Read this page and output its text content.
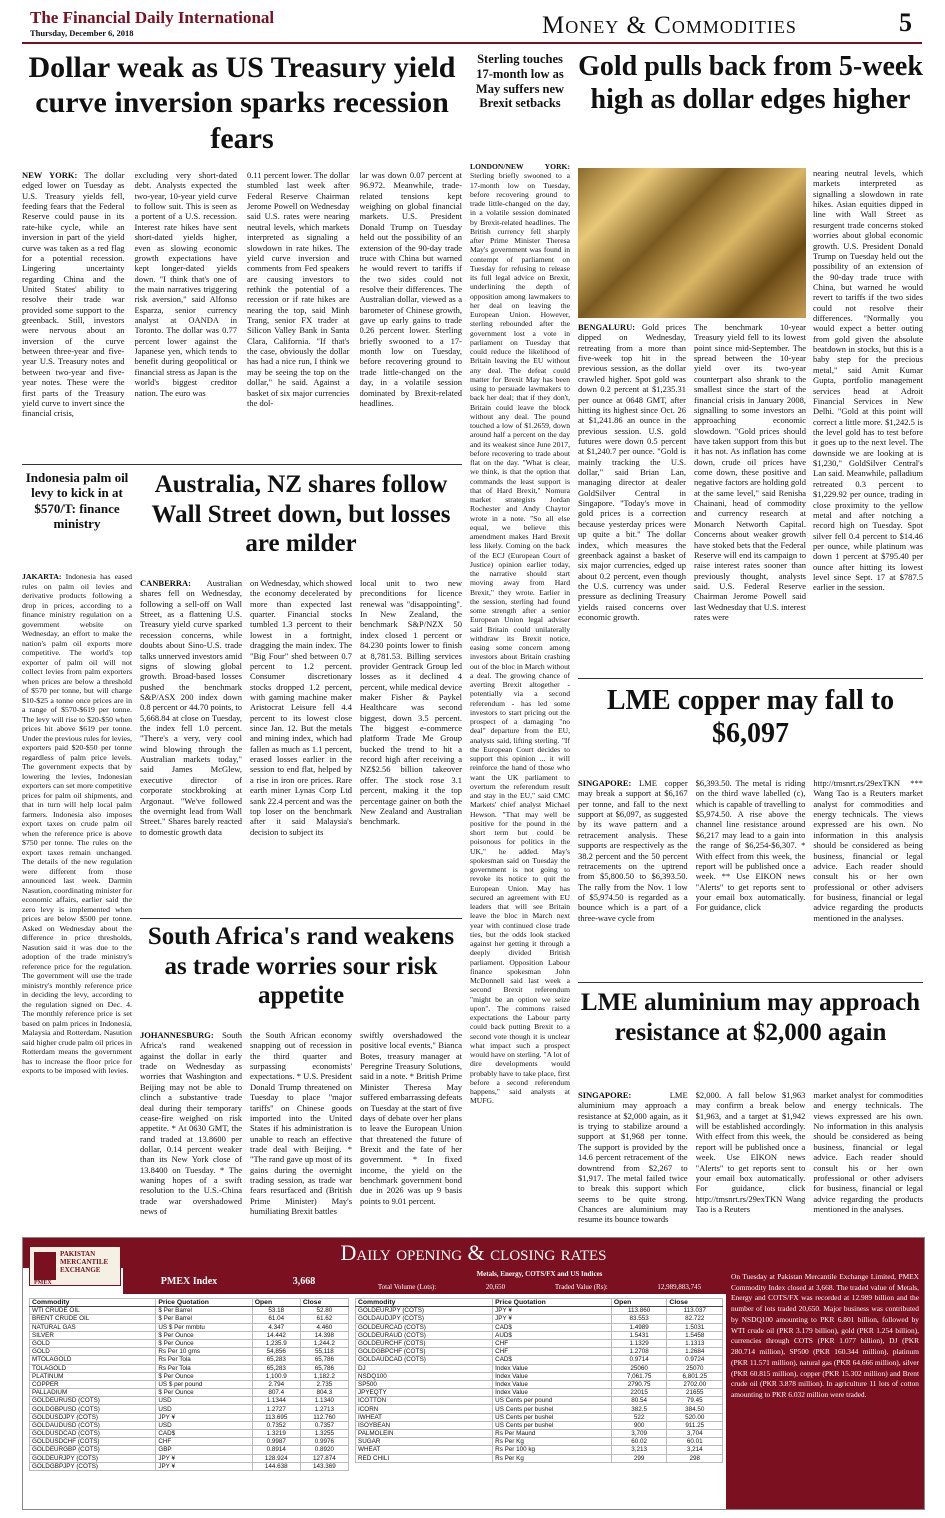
The Financial Daily International
Thursday, December 6, 2018	Money & Commodities	5
Dollar weak as US Treasury yield curve inversion sparks recession fears
NEW YORK: The dollar edged lower on Tuesday as U.S. Treasury yields fell, feeding fears that the Federal Reserve could pause in its rate-hike cycle, while an inversion in part of the yield curve was taken as a red flag for a potential recession. Lingering uncertainty regarding China and the United States' ability to resolve their trade war provided some support to the greenback. Still, investors were nervous about an inversion of the curve between three-year and five-year U.S. Treasury notes and between two-year and five-year notes. These were the first parts of the Treasury yield curve to invert since the financial crisis,
excluding very short-dated debt. Analysts expected the two-year, 10-year yield curve to follow suit. This is seen as a portent of a U.S. recession. Interest rate hikes have sent short-dated yields higher, even as slowing economic growth expectations have kept longer-dated yields down. "I think that's one of the main narratives triggering risk aversion," said Alfonso Esparza, senior currency analyst at OANDA in Toronto. The dollar was 0.77 percent lower against the Japanese yen, which tends to benefit during geopolitical or financial stress as Japan is the world's biggest creditor nation. The euro was
0.11 percent lower. The dollar stumbled last week after Federal Reserve Chairman Jerome Powell on Wednesday said U.S. rates were nearing neutral levels, which markets interpreted as signaling a slowdown in rate hikes. The yield curve inversion and comments from Fed speakers are causing investors to rethink the potential of a recession or if rate hikes are nearing the top, said Minh Trang, senior FX trader at Silicon Valley Bank in Santa Clara, California. "If that's the case, obviously the dollar has had a nice run, I think we may be seeing the top on the dollar," he said. Against a basket of six major currencies the dol-
lar was down 0.07 percent at 96.972. Meanwhile, trade-related tensions kept weighing on global financial markets. U.S. President Donald Trump on Tuesday held out the possibility of an extension of the 90-day trade truce with China but warned he would revert to tariffs if the two sides could not resolve their differences. The Australian dollar, viewed as a barometer of Chinese growth, gave up early gains to trade 0.26 percent lower. Sterling briefly swooned to a 17-month low on Tuesday, before recovering ground to trade little-changed on the day, in a volatile session dominated by Brexit-related headlines.
Sterling touches 17-month low as May suffers new Brexit setbacks
LONDON/NEW YORK: Sterling briefly swooned to a 17-month low on Tuesday, before recovering ground to trade little-changed on the day, in a volatile session dominated by Brexit-related headlines. The British currency fell sharply after Prime Minister Theresa May's government was found in contempt of parliament on Tuesday for refusing to release its full legal advice on Brexit, underlining the depth of opposition among lawmakers to her deal on leaving the European Union. However, sterling rebounded after the government lost a vote in parliament on Tuesday that could reduce the likelihood of Britain leaving the EU without any deal. The defeat could matter for Brexit May has been using to persuade lawmakers to back her deal; that if they don't, Britain could leave the block without any deal. The pound touched a low of $1.2659, down around half a percent on the day and its weakest since June 2017, before recovering to trade about flat on the day. "What is clear, we think, is that the option that commands the least support is that of Hard Brexit," Nomura market strategists Jordan Rochester and Andy Chaytor wrote in a note. "So all else equal, we believe this amendment makes Hard Brexit less likely. Coming on the back of the ECJ (European Court of Justice) opinion earlier today, the narrative should start moving away from Hard Brexit," they wrote. Earlier in the session, sterling had found some strength after a senior European Union legal adviser said Britain could unilaterally withdraw its Brexit notice, easing some concern among investors about Britain crashing out of the bloc in March without a deal. The growing chance of averting Brexit altogether - potentially via a second referendum - has led some investors to start pricing out the prospect of a damaging "no deal" departure from the EU, analysts said, lifting sterling. "If the European Court decides to support this opinion ... it will reinforce the hand of those who want the UK parliament to overturn the referendum result and stay in the EU," said CMC Markets' chief analyst Michael Hewson. "That may well be positive for the pound in the short term but could be poisonous for politics in the UK," he added. May's spokesman said on Tuesday the government is not going to revoke its notice to quit the European Union. May has secured an agreement with EU leaders that will see Britain leave the bloc in March next year with continued close trade ties, but the odds look stacked against her getting it through a deeply divided British parliament. Opposition Labour finance spokesman John McDonnell said last week a second Brexit referendum "might be an option we seize upon". The commons raised expectations the Labour party could back putting Brexit to a second vote though it is unclear what impact such a prospect would have on sterling. "A lot of dire developments would probably have to take place, first before a second referendum happens," said analysts at MUFG.
Gold pulls back from 5-week high as dollar edges higher
BENGALURU: Gold prices dipped on Wednesday, retreating from a more than five-week top hit in the previous session, as the dollar crawled higher. Spot gold was down 0.2 percent at $1,235.31 per ounce at 0648 GMT, after hitting its highest since Oct. 26 at $1,241.86 an ounce in the previous session. U.S. gold futures were down 0.5 percent at $1,240.7 per ounce. "Gold is mainly tracking the U.S. dollar," said Brian Lan, managing director at dealer GoldSilver Central in Singapore. "Today's move in gold prices is a correction because yesterday prices were up quite a bit." The dollar index, which measures the greenback against a basket of six major currencies, edged up about 0.2 percent, even though the U.S. currency was under pressure as declining Treasury yields raised concerns over economic growth.
The benchmark 10-year Treasury yield fell to its lowest point since mid-September. The spread between the 10-year yield over its two-year counterpart also shrank to the smallest since the start of the financial crisis in January 2008, signalling to some investors an approaching economic slowdown. "Gold prices should have taken support from this but it has not. As inflation has come down, crude oil prices have come down, these positive and negative factors are holding gold at the same level," said Renisha Chainani, head of commodity and currency research at Monarch Networth Capital. Concerns about weaker growth have stoked bets that the Federal Reserve will end its campaign to raise interest rates sooner than previously thought, analysts said. U.S. Federal Reserve Chairman Jerome Powell said last Wednesday that U.S. interest rates were
nearing neutral levels, which markets interpreted as signalling a slowdown in rate hikes. Asian equities dipped in line with Wall Street as resurgent trade concerns stoked worries about global economic growth. U.S. President Donald Trump on Tuesday held out the possibility of an extension of the 90-day trade truce with China, but warned he would revert to tariffs if the two sides could not resolve their differences. "Normally you would expect a better outing from gold given the absolute beatdown in stocks, but this is a baby step for the precious metal," said Amit Kumar Gupta, portfolio management services head at Adroit Financial Services in New Delhi. "Gold at this point will correct a little more. $1,242.5 is the level gold has to test before it goes up to the next level. The downside we are looking at is $1,230," GoldSilver Central's Lan said. Meanwhile, palladium retreated 0.3 percent to $1,229.92 per ounce, trading in close proximity to the yellow metal and after notching a record high on Tuesday. Spot silver fell 0.4 percent to $14.46 per ounce, while platinum was down 1 percent at $795.40 per ounce after hitting its lowest level since Sept. 17 at $787.5 earlier in the session.
Indonesia palm oil levy to kick in at $570/T: finance ministry
JAKARTA: Indonesia has eased rules on palm oil levies and derivative products following a drop in prices, according to a finance ministry regulation on a government website on Wednesday, an effort to make the nation's palm oil exports more competitive. The world's top exporter of palm oil will not collect levies from palm exporters when prices are below a threshold of $570 per tonne, but will charge $10-$25 a tonne once prices are in a range of $570-$619 per tonne. The levy will rise to $20-$50 when prices hit above $619 per tonne. Under the previous rules for levies, exporters paid $20-$50 per tonne regardless of palm price levels. The government expects that by lowering the levies, Indonesian exporters can set more competitive prices for palm oil shipments, and that in turn will help local palm farmers. Indonesia also imposes export taxes on crude palm oil when the reference price is above $750 per tonne. The rules on the export taxes remain unchanged. The details of the new regulation were different from those announced last week. Darmin Nasution, coordinating minister for economic affairs, earlier said the zero levy is implemented when prices are below $500 per tonne. Asked on Wednesday about the difference in price thresholds, Nasution said it was due to the adoption of the trade ministry's reference price for the regulation. The government will use the trade ministry's monthly reference price in deciding the levy, according to the regulation signed on Dec. 4. The monthly reference price is set based on palm prices in Indonesia, Malaysia and Rotterdam. Nasution said higher crude palm oil prices in Rotterdam means the government has to increase the floor price for exports to be imposed with levies.
Australia, NZ shares follow Wall Street down, but losses are milder
CANBERRA: Australian shares fell on Wednesday, following a sell-off on Wall Street, as a flattening U.S. Treasury yield curve sparked recession concerns, while doubts about Sino-U.S. trade talks unnerved investors amid signs of slowing global growth. Broad-based losses pushed the benchmark S&P/ASX 200 index down 0.8 percent or 44.70 points, to 5,668.84 at close on Tuesday, the index fell 1.0 percent. "There's a very, very cool wind blowing through the Australian markets today," said James McGlew, executive director of corporate stockbroking at Argonaut. "We've followed the overnight lead from Wall Street." Shares barely reacted to domestic growth data
on Wednesday, which showed the economy decelerated by more than expected last quarter. Financial stocks tumbled 1.3 percent to their lowest in a fortnight, dragging the main index. The "Big Four" shed between 0.7 percent to 1.2 percent. Consumer discretionary stocks dropped 1.2 percent, with gaming machine maker Aristocrat Leisure fell 4.4 percent to its lowest close since Jan. 12. But the metals and mining index, which had fallen as much as 1.1 percent, erased losses earlier in the session to end flat, helped by a rise in iron ore prices. Rare earth miner Lynas Corp Ltd sank 22.4 percent and was the top loser on the benchmark after it said Malaysia's decision to subject its
local unit to two new preconditions for licence renewal was "disappointing". In New Zealand, the benchmark S&P/NZX 50 index closed 1 percent or 84.230 points lower to finish at 8,781.53. Billing services provider Gentrack Group led losses as it declined 4 percent, while medical device maker Fisher & Paykel Healthcare was second biggest, down 3.5 percent. The biggest e-commerce platform Trade Me Group bucked the trend to hit a record high after receiving a NZ$2.56 billion takeover offer. The stock rose 3.1 percent, making it the top percentage gainer on both the New Zealand and Australian benchmark.
South Africa's rand weakens as trade worries sour risk appetite
JOHANNESBURG: South Africa's rand weakened against the dollar in early trade on Wednesday as worries that Washington and Beijing may not be able to clinch a substantive trade deal during their temporary cease-fire weighed on risk appetite. * At 0630 GMT, the rand traded at 13.8600 per dollar, 0.14 percent weaker than its New York close of 13.8400 on Tuesday. * The waning hopes of a swift resolution to the U.S.-China trade war overshadowed news of
the South African economy snapping out of recession in the third quarter and surpassing economists' expectations. * U.S. President Donald Trump threatened on Tuesday to place "major tariffs" on Chinese goods imported into the United States if his administration is unable to reach an effective trade deal with Beijing. * "The rand gave up most of its gains during the overnight trading session, as trade war fears resurfaced and (British Prime Minister) May's humiliating Brexit battles
swiftly overshadowed the positive local events," Bianca Botes, treasury manager at Peregrine Treasury Solutions, said in a note. * British Prime Minister Theresa May suffered embarrassing defeats on Tuesday at the start of five days of debate over her plans to leave the European Union that threatened the future of Brexit and the fate of her government. * In fixed income, the yield on the benchmark government bond due in 2026 was up 9 basis points to 9.01 percent.
LME copper may fall to $6,097
SINGAPORE: LME copper may break a support at $6,167 per tonne, and fall to the next support at $6,097, as suggested by its wave pattern and a retracement analysis. These supports are respectively as the 38.2 percent and the 50 percent retracements on the uptrend from $5,800.50 to $6,393.50. The rally from the Nov. 1 low of $5,974.50 is regarded as a bounce which is a part of a three-wave cycle from
$6,393.50. The metal is riding on the third wave labelled (c), which is capable of travelling to $5,974.50. A rise above the channel line resistance around $6,217 may lead to a gain into the range of $6,254-$6,307. * With effect from this week, the report will be published once a week. ** Use EIKON news "Alerts" to get reports sent to your email box automatically. For guidance, click
http://tmsnrt.rs/29exTKN *** Wang Tao is a Reuters market analyst for commodities and energy technicals. The views expressed are his own. No information in this analysis should be considered as being business, financial or legal advice. Each reader should consult his or her own professional or other advisers for business, financial or legal advice regarding the products mentioned in the analyses.
LME aluminium may approach resistance at $2,000 again
SINGAPORE: LME aluminium may approach a resistance at $2,000 again, as it is trying to stabilize around a support at $1,968 per tonne. The support is provided by the 14.6 percent retracement of the downtrend from $2,267 to $1,917. The metal failed twice to break this support which seems to be quite strong. Chances are aluminium may resume its bounce towards
$2,000. A fall below $1,963 may confirm a break below $1,963, and a target at $1,942 will be established accordingly. With effect from this week, the report will be published once a week. Use EIKON news "Alerts" to get reports sent to your email box automatically. For guidance, click http://tmsnrt.rs/29exTKN Wang Tao is a Reuters
market analyst for commodities and energy technicals. The views expressed are his own. No information in this analysis should be considered as being business, financial or legal advice. Each reader should consult his or her own professional or other advisers for business, financial or legal advice regarding the products mentioned in the analyses.
Daily opening & closing rates
PAKISTAN MERCANTILE EXCHANGE
PMEX	PMEX Index	3,668
Metals, Energy, COTS/FX and US Indices
Total Volume (Lots):	20,650	Traded Value (Rs):	12,989,883,745
Commodity	Price Quotation	Open	Close
WTI CRUDE OIL	$ Per Barrel	53.18	52.80
BRENT CRUDE OIL	$ Per Barrel	61.04	61.62
NATURAL GAS	US $ Per mmbtu	4.347	4.460
SILVER	$ Per Ounce	14.442	14.398
GOLD	$ Per Ounce	1,235.9	1,244.2
GOLD	Rs Per 10 gms	54,856	55,118
MTOLAGOLD	Rs Per Tola	65,283	65,786
TOLAGOLD	Rs Per Tola	65,283	65,786
PLATINUM	$ Per Ounce	1,100.9	1,182.2
COPPER	US $ per pound	2.794	2.735
PALLADIUM	$ Per Ounce	807.4	804.3
GOLDEURUSD (COTS)	USD	1.1344	1.1340
GOLDGBPUSD (COTS)	USD	1.2727	1.2713
GOLDUSDJPY (COTS)	JPY ¥	113.695	112.760
GOLDAUDUSD (COTS)	USD	0.7352	0.7357
GOLDUSDCAD (COTS)	CAD$	1.3219	1.3255
GOLDUSDCHF (COTS)	CHF	0.9987	0.9976
GOLDEURGBP (COTS)	GBP	0.8914	0.8920
GOLDEURJPY (COTS)	JPY ¥	128.924	127.874
GOLDGBPJPY (COTS)	JPY ¥	144.638	143.369
Commodity	Price Quotation	Open	Close
GOLDEURJPY (COTS)	JPY ¥	113.860	113.037
GOLDAUDJPY (COTS)	JPY ¥	83.553	82.722
GOLDEURCAD (COTS)	CAD$	1.4989	1.5031
GOLDEURAUD (COTS)	AUD$	1.5431	1.5458
GOLDEURCHF (COTS)	CHF	1.1329	1.1313
GOLDGBPCHF (COTS)	CHF	1.2708	1.2684
GOLDAUDCAD (COTS)	CAD$	0.9714	0.9724
DJ	Index Value	25060	25070
NSDQ100	Index Value	7,061.75	6,801.25
SP500	Index Value	2790.75	2702.00
JPYEQTY	Index Value	22015	21655
ICOTTON	US Cents per pound	80.54	79.45
ICORN	US Cents per bushel	382.5	384.50
IWHEAT	US Cents per bushel	522	520.00
ISOYBEAN	US Cents per bushel	900	911.25
PALMOLEIN	Rs Per Maund	3,709	3,704
SUGAR	Rs Per Kg	60.02	60.01
WHEAT	Rs Per 100 kg	3,213	3,214
RED CHILI	Rs Per Kg	299	298
On Tuesday at Pakistan Mercantile Exchange Limited, PMEX Commodity Index closed at 3,668. The traded value of Metals, Energy and COTS/FX was recorded at 12.989 billion and the number of lots traded 20,650. Major business was contributed by NSDQ100 amounting to PKR 6.801 billion, followed by WTI crude oil (PKR 3.179 billion), gold (PKR 1.254 billion), currencies through COTS (PKR 1.077 billion), DJ (PKR 280.714 million), SP500 (PKR 160.344 million), platinum (PKR 11.571 million), natural gas (PKR 64.666 million), silver (PKR 60.815 million), copper (PKR 15.302 million) and Brent crude oil (PKR 3.878 million). In agriculture 11 lots of cotton amounting to PKR 6.032 million were traded.
